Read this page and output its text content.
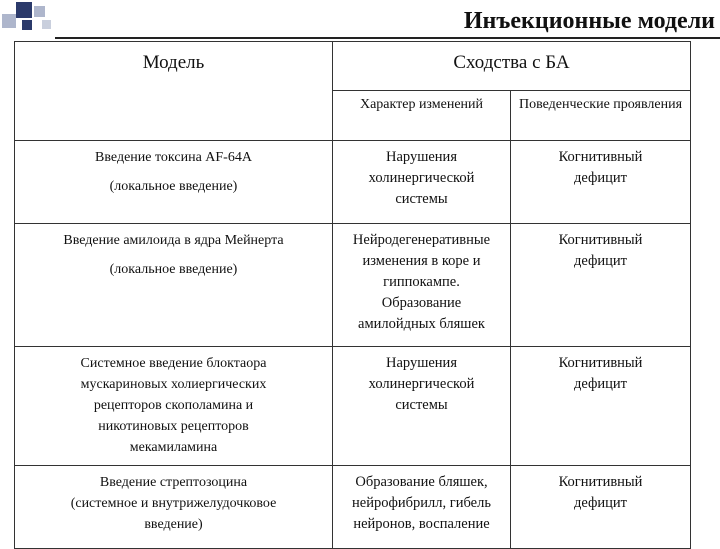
Инъекционные модели
Модель	Сходства с БА	
	Характер изменений	Поведенческие проявления

Введение токсина AF-64A
(локальное введение)	Нарушения
холинергической
системы	Когнитивный
дефицит

Введение амилоида в ядра Мейнерта
(локальное введение)	Нейродегенеративные
изменения в коре и
гиппокампе.
Образование
амилойдных бляшек	Когнитивный
дефицит

Системное введение блоктаора
мускариновых холиергических
рецепторов скополамина и
никотиновых рецепторов
мекамиламина	Нарушения
холинергической
системы	Когнитивный
дефицит

Введение стрептозоцина
(системное и внутрижелудочковое
введение)	Образование бляшек,
нейрофибрилл, гибель
нейронов, воспаление	Когнитивный
дефицит
